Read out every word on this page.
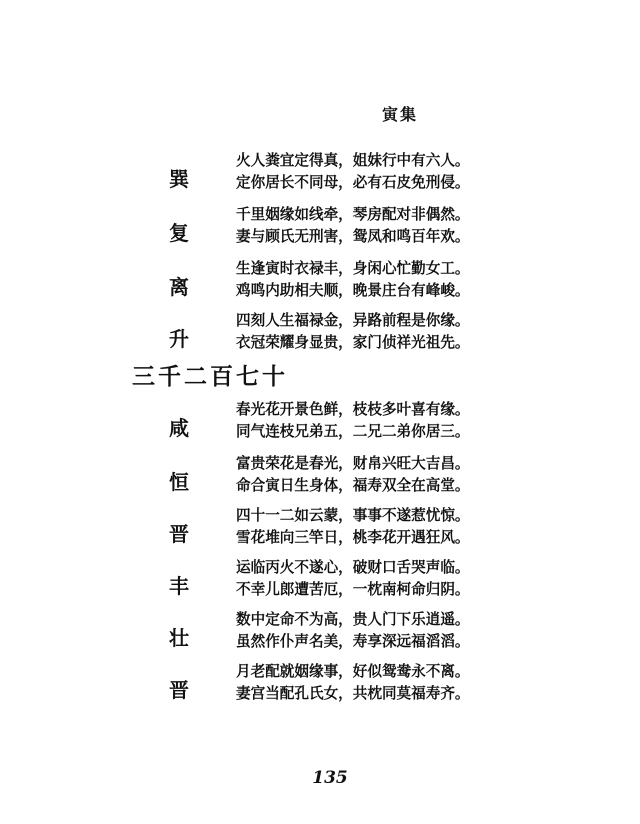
寅集
巽
火人粪宜定得真，姐妹行中有六人。
定你居长不同母，必有石皮免刑侵。
复
千里姻缘如线牵，琴房配对非偶然。
妻与顾氏无刑害，鸳凤和鸣百年欢。
离
生逢寅时衣禄丰，身闲心忙勤女工。
鸡鸣内助相夫顺，晚景庄台有峰峻。
升
四刻人生福禄金，异路前程是你缘。
衣冠荣耀身显贵，家门侦祥光祖先。
三千二百七十
咸
春光花开景色鲜，枝枝多叶喜有缘。
同气连枝兄弟五，二兄二弟你居三。
恒
富贵荣花是春光，财帛兴旺大吉昌。
命合寅日生身体，福寿双全在高堂。
晋
四十一二如云蒙，事事不遂惹忧惊。
雪花堆向三竿日，桃李花开遇狂风。
丰
运临丙火不遂心，破财口舌哭声临。
不幸儿郎遭苦厄，一枕南柯命归阴。
壮
数中定命不为高，贵人门下乐逍遥。
虽然作仆声名美，寿享深远福滔滔。
晋
月老配就姻缘事，好似鸳鸯永不离。
妻宫当配孔氏女，共枕同莫福寿齐。
135
